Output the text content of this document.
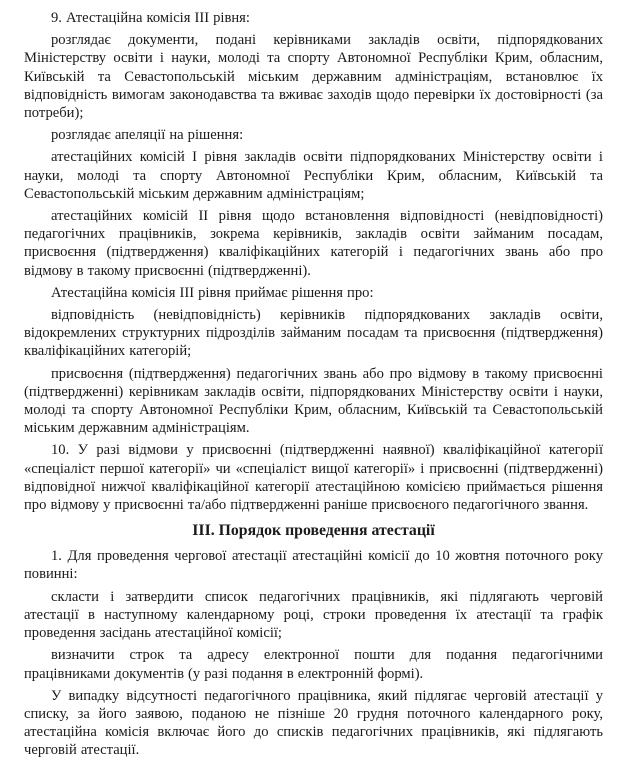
9. Атестаційна комісія III рівня:

розглядає документи, подані керівниками закладів освіти, підпорядкованих Міністерству освіти і науки, молоді та спорту Автономної Республіки Крим, обласним, Київській та Севастопольській міським державним адміністраціям, встановлює їх відповідність вимогам законодавства та вживає заходів щодо перевірки їх достовірності (за потреби);

розглядає апеляції на рішення:

атестаційних комісій I рівня закладів освіти підпорядкованих Міністерству освіти і науки, молоді та спорту Автономної Республіки Крим, обласним, Київській та Севастопольській міським державним адміністраціям;

атестаційних комісій II рівня щодо встановлення відповідності (невідповідності) педагогічних працівників, зокрема керівників, закладів освіти займаним посадам, присвоєння (підтвердження) кваліфікаційних категорій і педагогічних звань або про відмову в такому присвоєнні (підтвердженні).

Атестаційна комісія III рівня приймає рішення про:

відповідність (невідповідність) керівників підпорядкованих закладів освіти, відокремлених структурних підрозділів займаним посадам та присвоєння (підтвердження) кваліфікаційних категорій;

присвоєння (підтвердження) педагогічних звань або про відмову в такому присвоєнні (підтвердженні) керівникам закладів освіти, підпорядкованих Міністерству освіти і науки, молоді та спорту Автономної Республіки Крим, обласним, Київській та Севастопольській міським державним адміністраціям.

10. У разі відмови у присвоєнні (підтвердженні наявної) кваліфікаційної категорії «спеціаліст першої категорії» чи «спеціаліст вищої категорії» і присвоєнні (підтвердженні) відповідної нижчої кваліфікаційної категорії атестаційною комісією приймається рішення про відмову у присвоєнні та/або підтвердженні раніше присвоєного педагогічного звання.

III. Порядок проведення атестації

1. Для проведення чергової атестації атестаційні комісії до 10 жовтня поточного року повинні:

скласти і затвердити список педагогічних працівників, які підлягають черговій атестації в наступному календарному році, строки проведення їх атестації та графік проведення засідань атестаційної комісії;

визначити строк та адресу електронної пошти для подання педагогічними працівниками документів (у разі подання в електронній формі).

У випадку відсутності педагогічного працівника, який підлягає черговій атестації у списку, за його заявою, поданою не пізніше 20 грудня поточного календарного року, атестаційна комісія включає його до списків педагогічних працівників, які підлягають черговій атестації.
